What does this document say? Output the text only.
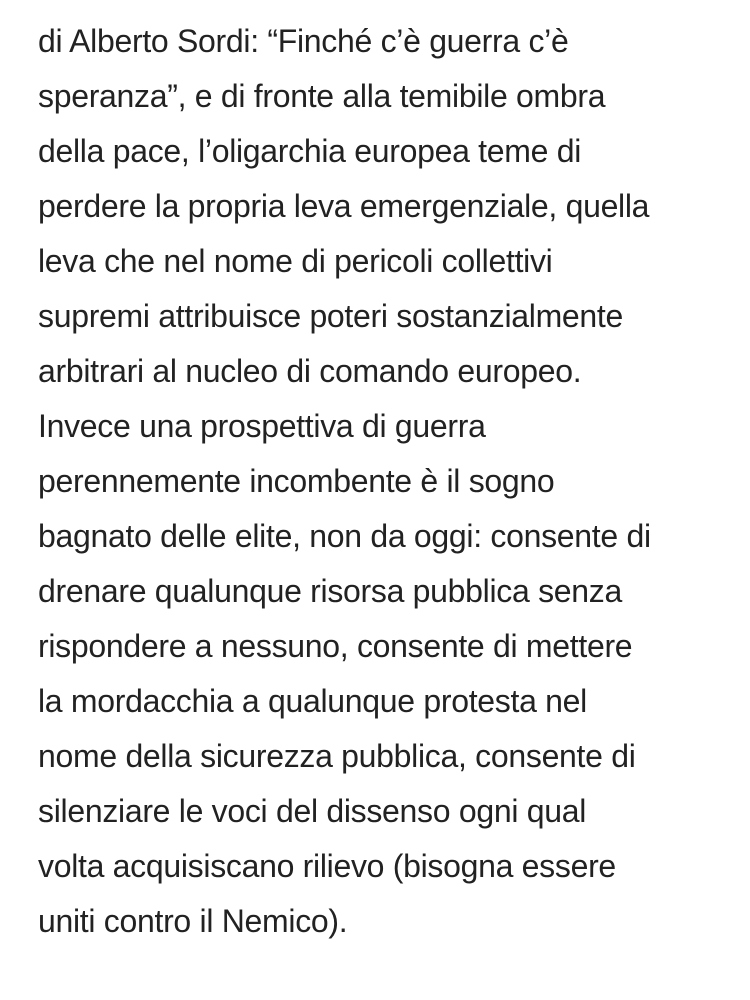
di Alberto Sordi: “Finché c’è guerra c’è
speranza”, e di fronte alla temibile ombra
della pace, l’oligarchia europea teme di
perdere la propria leva emergenziale, quella
leva che nel nome di pericoli collettivi
supremi attribuisce poteri sostanzialmente
arbitrari al nucleo di comando europeo.
Invece una prospettiva di guerra
perennemente incombente è il sogno
bagnato delle elite, non da oggi: consente di
drenare qualunque risorsa pubblica senza
rispondere a nessuno, consente di mettere
la mordacchia a qualunque protesta nel
nome della sicurezza pubblica, consente di
silenziare le voci del dissenso ogni qual
volta acquisiscano rilievo (bisogna essere
uniti contro il Nemico).
